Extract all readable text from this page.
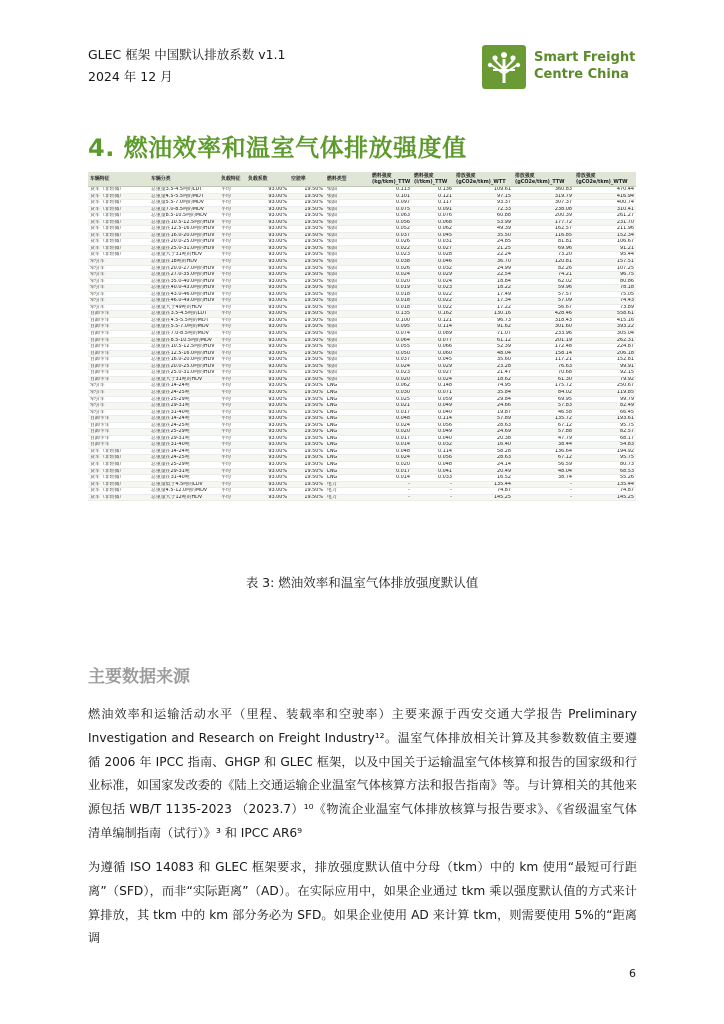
GLEC 框架 中国默认排放系数 v1.1
2024 年 12 月
Smart Freight
Centre China
4. 燃油效率和温室气体排放强度值
车辆特征	车辆分类	负载特征	负载系数	空驶率	燃料类型	燃料强度 (kg/tkm)_TTW	燃料强度 (l/tkm)_TTW	排放强度 (gCO2e/tkm)_WTT	排放强度 (gCO2e/tkm)_TTW	排放强度 (gCO2e/tkm)_WTW
货车（非轻微）	总重量3.5-4.5吨的LDT	平均	93.00%	19.50%	柴油	0.113	0.136	109.61	360.83	470.44
货车（非轻微）	总重量4.5-5.5吨的MDT	平均	93.00%	19.50%	柴油	0.101	0.121	97.15	319.79	416.94
货车（非轻微）	总重量5.5-7.0吨的MDV	平均	93.00%	19.50%	柴油	0.097	0.117	93.37	307.37	400.74
货车（非轻微）	总重量7.0-8.5吨的MDV	平均	93.00%	19.50%	柴油	0.075	0.091	72.33	238.08	310.41
货车（非轻微）	总重量8.5-10.5吨的MDV	平均	93.00%	19.50%	柴油	0.063	0.076	60.88	200.39	261.27
货车（非轻微）	总重量在10.5-12.5吨的HDV	平均	93.00%	19.50%	柴油	0.056	0.068	53.99	177.72	231.70
货车（非轻微）	总重量在12.5-16.0吨的HDV	平均	93.00%	19.50%	柴油	0.052	0.062	49.39	162.57	211.96
货车（非轻微）	总重量在16.0-20.0吨的HDV	平均	93.00%	19.50%	柴油	0.037	0.045	35.50	116.85	152.34
货车（非轻微）	总重量在20.0-25.0吨的HDV	平均	93.00%	19.50%	柴油	0.026	0.031	24.85	81.81	106.67
货车（非轻微）	总重量在25.0-31.0吨的HDV	平均	93.00%	19.50%	柴油	0.022	0.027	21.25	69.96	91.21
货车（非轻微）	总重量大于31吨的HDV	平均	93.00%	19.50%	柴油	0.023	0.028	22.24	73.20	95.44
牵引车	总重量在18吨的HDV	平均	93.00%	19.50%	柴油	0.038	0.046	36.70	120.81	157.51
牵引车	总重量在20.0-27.0吨的HDV	平均	93.00%	19.50%	柴油	0.026	0.032	24.99	82.26	107.25
牵引车	总重量在27.0-35.0吨的HDV	平均	93.00%	19.50%	柴油	0.024	0.029	22.54	74.21	96.75
牵引车	总重量在35.0-40.0吨的HDV	平均	93.00%	19.50%	柴油	0.020	0.024	18.84	62.02	80.86
牵引车	总重量在40.0-43.0吨的HDV	平均	93.00%	19.50%	柴油	0.019	0.023	18.22	59.96	78.18
牵引车	总重量在43.0-46.0吨的HDV	平均	93.00%	19.50%	柴油	0.018	0.022	17.49	57.57	75.05
牵引车	总重量在46.0-49.0吨的HDV	平均	93.00%	19.50%	柴油	0.018	0.022	17.34	57.09	74.43
牵引车	总重量大于49吨的HDV	平均	93.00%	19.50%	柴油	0.018	0.022	17.22	56.67	73.89
自卸卡车	总重量在3.5-4.5吨的LDT	平均	93.00%	19.50%	柴油	0.135	0.162	130.16	428.46	558.61
自卸卡车	总重量在4.5-5.5吨的MDT	平均	93.00%	19.50%	柴油	0.100	0.121	96.73	318.43	415.16
自卸卡车	总重量在5.5-7.0吨的MDV	平均	93.00%	19.50%	柴油	0.095	0.114	91.62	301.60	393.22
自卸卡车	总重量在7.0-8.5吨的MDV	平均	93.00%	19.50%	柴油	0.074	0.089	71.07	233.96	305.04
自卸卡车	总重量在8.5-10.5吨的MDV	平均	93.00%	19.50%	柴油	0.064	0.077	61.12	201.19	262.31
自卸卡车	总重量在10.5-12.5吨的HDV	平均	93.00%	19.50%	柴油	0.055	0.066	52.39	172.48	224.87
自卸卡车	总重量在12.5-16.0吨的HDV	平均	93.00%	19.50%	柴油	0.050	0.060	48.04	158.14	206.18
自卸卡车	总重量在16.0-20.0吨的HDV	平均	93.00%	19.50%	柴油	0.037	0.045	35.60	117.21	152.81
自卸卡车	总重量在20.0-25.0吨的HDV	平均	93.00%	19.50%	柴油	0.024	0.029	23.28	76.63	99.91
自卸卡车	总重量在25.0-31.0吨的HDV	平均	93.00%	19.50%	柴油	0.023	0.027	21.47	70.68	92.15
自卸卡车	总重量大于31吨的HDV	平均	93.00%	19.50%	柴油	0.020	0.024	18.62	61.30	79.92
牵引车	总重量在14-24吨	平均	93.00%	19.50%	LNG	0.062	0.148	74.95	175.72	250.67
牵引车	总重量在24-25吨	平均	93.00%	19.50%	LNG	0.030	0.071	35.84	84.02	119.85
牵引车	总重量在25-29吨	平均	93.00%	19.50%	LNG	0.025	0.059	29.84	69.95	99.79
牵引车	总重量在29-31吨	平均	93.00%	19.50%	LNG	0.021	0.049	24.66	57.83	82.49
牵引车	总重量在31-40吨	平均	93.00%	19.50%	LNG	0.017	0.040	19.87	46.58	66.45
自卸卡车	总重量在14-24吨	平均	93.00%	19.50%	LNG	0.048	0.114	57.89	135.72	193.61
自卸卡车	总重量在24-25吨	平均	93.00%	19.50%	LNG	0.024	0.056	28.63	67.12	95.75
自卸卡车	总重量在25-29吨	平均	93.00%	19.50%	LNG	0.020	0.049	24.69	57.88	82.57
自卸卡车	总重量在29-31吨	平均	93.00%	19.50%	LNG	0.017	0.040	20.38	47.79	68.17
自卸卡车	总重量在31-40吨	平均	93.00%	19.50%	LNG	0.014	0.032	16.40	38.44	54.83
货车（非轻微）	总重量在14-24吨	平均	93.00%	19.50%	LNG	0.048	0.114	58.28	136.64	194.92
货车（非轻微）	总重量在24-25吨	平均	93.00%	19.50%	LNG	0.024	0.056	28.63	67.12	95.75
货车（非轻微）	总重量在25-29吨	平均	93.00%	19.50%	LNG	0.020	0.048	24.14	56.59	80.73
货车（非轻微）	总重量在29-31吨	平均	93.00%	19.50%	LNG	0.017	0.041	20.49	48.04	68.53
货车（非轻微）	总重量在31-40吨	平均	93.00%	19.50%	LNG	0.014	0.033	16.52	38.74	55.26
货车（非轻微）	总重量低于4.5吨的LDV	平均	93.00%	19.50%	电力	-	-	135.44	-	135.44
货车（非轻微）	总重量4.5-12.0吨的MDV	平均	93.00%	19.50%	电力	-	-	74.87	-	74.87
货车（非轻微）	总重量大于12吨的HDV	平均	93.00%	19.50%	电力	-	-	145.25	-	145.25
表 3: 燃油效率和温室气体排放强度默认值
主要数据来源

燃油效率和运输活动水平（里程、装载率和空驶率）主要来源于西安交通大学报告 Preliminary Investigation and Research on Freight Industry¹²。温室气体排放相关计算及其参数数值主要遵循 2006 年 IPCC 指南、GHGP 和 GLEC 框架，以及中国关于运输温室气体核算和报告的国家级和行业标准，如国家发改委的《陆上交通运输企业温室气体核算方法和报告指南》等。与计算相关的其他来源包括 WB/T 1135-2023 （2023.7）¹⁰《物流企业温室气体排放核算与报告要求》、《省级温室气体清单编制指南（试行）》³ 和 IPCC AR6⁹

为遵循 ISO 14083 和 GLEC 框架要求，排放强度默认值中分母（tkm）中的 km 使用“最短可行距离”（SFD），而非“实际距离”（AD）。在实际应用中，如果企业通过 tkm 乘以强度默认值的方式来计算排放，其 tkm 中的 km 部分务必为 SFD。如果企业使用 AD 来计算 tkm，则需要使用 5%的“距离调

6
